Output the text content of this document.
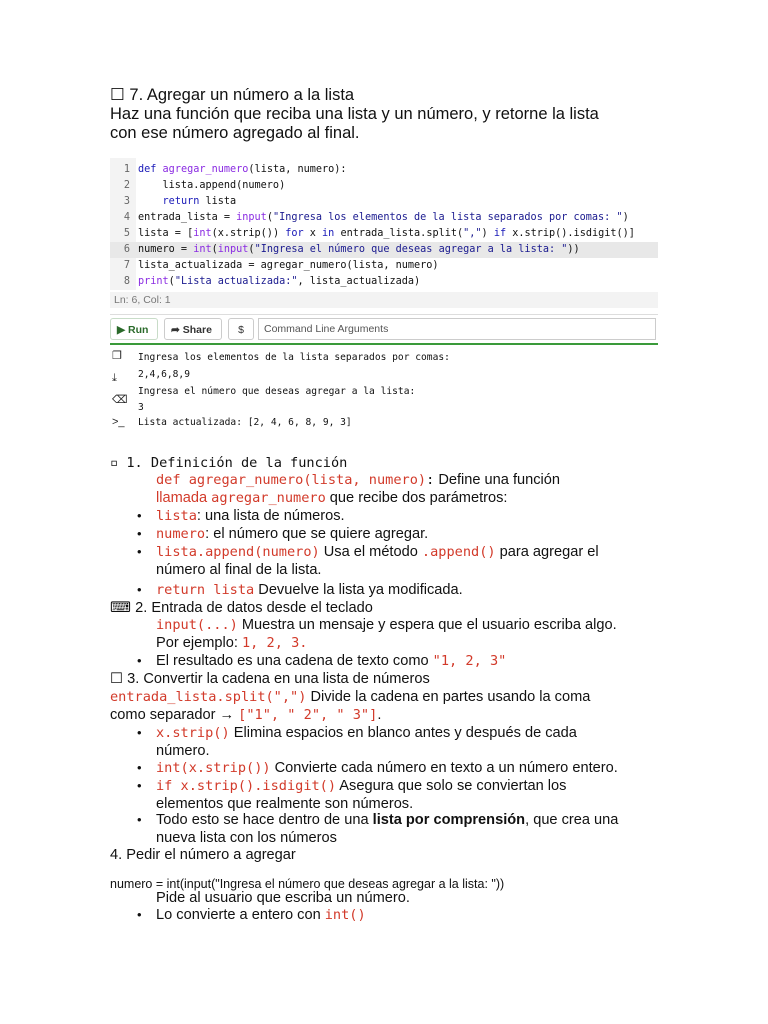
☐ 7. Agregar un número a la lista
Haz una función que reciba una lista y un número, y retorne la lista
con ese número agregado al final.
1 def agregar_numero(lista, numero):
2    lista.append(numero)
3	return lista
4 entrada_lista = input("Ingresa los elementos de la lista separados por comas: ")
5 lista = [int(x.strip()) for x in entrada_lista.split(",") if x.strip().isdigit()]
6 numero = int(input("Ingresa el número que deseas agregar a la lista: "))
7 lista_actualizada = agregar_numero(lista, numero)
8 print("Lista actualizada:", lista_actualizada)
Ln: 6, Col: 1
▶ Run	➦ Share	$	Command Line Arguments
❐
⤓
⌫
>_
Ingresa los elementos de la lista separados por comas:
2,4,6,8,9
Ingresa el número que deseas agregar a la lista:
3
Lista actualizada: [2, 4, 6, 8, 9, 3]
▫ 1. Definición de la función
def agregar_numero(lista, numero): Define una función
llamada agregar_numero que recibe dos parámetros:
• lista: una lista de números.
• numero: el número que se quiere agregar.
• lista.append(numero) Usa el método .append() para agregar el
número al final de la lista.
• return lista Devuelve la lista ya modificada.
⌨ 2. Entrada de datos desde el teclado
input(...) Muestra un mensaje y espera que el usuario escriba algo.
Por ejemplo: 1, 2, 3.
• El resultado es una cadena de texto como "1, 2, 3"
☐ 3. Convertir la cadena en una lista de números
entrada_lista.split(",") Divide la cadena en partes usando la coma
como separador → ["1", " 2", " 3"].
• x.strip() Elimina espacios en blanco antes y después de cada
número.
• int(x.strip()) Convierte cada número en texto a un número entero.
• if x.strip().isdigit() Asegura que solo se conviertan los
elementos que realmente son números.
• Todo esto se hace dentro de una lista por comprensión, que crea una
nueva lista con los números
4. Pedir el número a agregar
numero = int(input("Ingresa el número que deseas agregar a la lista: "))
Pide al usuario que escriba un número.
• Lo convierte a entero con int()
